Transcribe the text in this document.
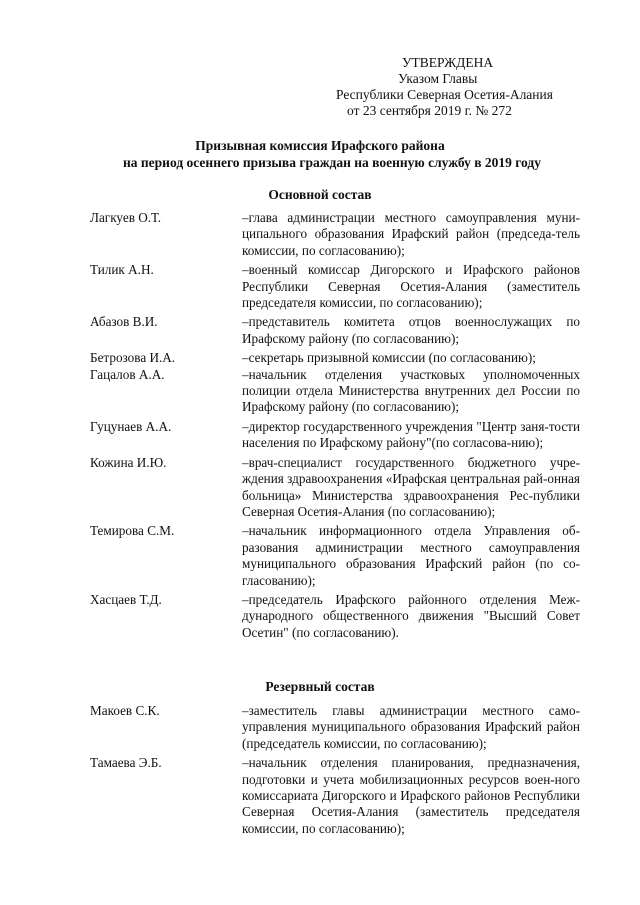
УТВЕРЖДЕНА
Указом Главы
Республики Северная Осетия-Алания
от 23 сентября 2019 г. № 272
Призывная комиссия Ирафского района
на период осеннего призыва граждан на военную службу в 2019 году
Основной состав
Лагкуев О.Т.	–глава администрации местного самоуправления муни-ципального образования Ирафский район (председа-тель комиссии, по согласованию);
Тилик А.Н.	–военный комиссар Дигорского и Ирафского районов Республики Северная Осетия-Алания (заместитель председателя комиссии, по согласованию);
Абазов В.И.	–представитель комитета отцов военнослужащих по Ирафскому району (по согласованию);
Бетрозова И.А.	–секретарь призывной комиссии (по согласованию);
Гацалов А.А.	–начальник отделения участковых уполномоченных полиции отдела Министерства внутренних дел России по Ирафскому району (по согласованию);
Гуцунаев А.А.	–директор государственного учреждения "Центр заня-тости населения по Ирафскому району"(по согласова-нию);
Кожина И.Ю.	–врач-специалист государственного бюджетного учре-ждения здравоохранения «Ирафская центральная рай-онная больница» Министерства здравоохранения Рес-публики Северная Осетия-Алания (по согласованию);
Темирова С.М.	–начальник информационного отдела Управления об-разования администрации местного самоуправления муниципального образования Ирафский район (по со-гласованию);
Хасцаев Т.Д.	–председатель Ирафского районного отделения Меж-дународного общественного движения "Высший Совет Осетин" (по согласованию).
Резервный состав
Макоев С.К.	–заместитель главы администрации местного само-управления муниципального образования Ирафский район (председатель комиссии, по согласованию);
Тамаева Э.Б.	–начальник отделения планирования, предназначения, подготовки и учета мобилизационных ресурсов воен-ного комиссариата Дигорского и Ирафского районов Республики Северная Осетия-Алания (заместитель председателя комиссии, по согласованию);
